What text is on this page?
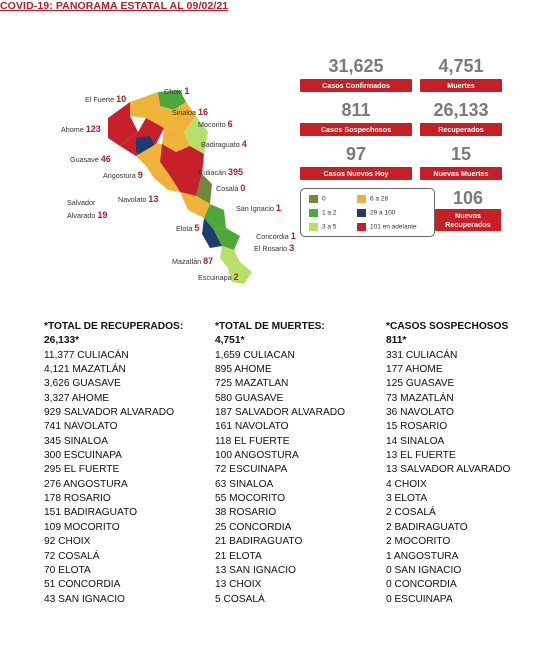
COVID-19: PANORAMA ESTATAL AL 09/02/21
Choix 1
El Fuerte 10
Sinaloa 16
Ahome 123	Mocorito 6
Badiraguato 4
Guasave 46
Angostura 9	Culiacán 395
Cosalá 0
Salvador
Alvarado 19
Navolato 13
San Ignacio 1
Elota 5
Concordia 1
El Rosario 3
Mazatlán 87
Escuinapa 2
31,625
Casos Confirmados
4,751
Muertes
811
Casos Sospechosos
26,133
Recuperados
97
Casos Nuevos Hoy
15
Nuevas Muertes
0
1 a 2
3 a 5
6 a 28
29 a 100
101 en adelante
106
Nuevos
Recuperados
*TOTAL DE RECUPERADOS:
26,133*
11,377 CULIACÁN
4,121 MAZATLÁN
3,626 GUASAVE
3,327 AHOME
929 SALVADOR ALVARADO
741 NAVOLATO
345 SINALOA
300 ESCUINAPA
295 EL FUERTE
276 ANGOSTURA
178 ROSARIO
151 BADIRAGUATO
109 MOCORITO
92 CHOIX
72 COSALÁ
70 ELOTA
51 CONCORDIA
43 SAN IGNACIO
*TOTAL DE MUERTES:
4,751*
1,659 CULIACAN
895 AHOME
725 MAZATLAN
580 GUASAVE
187 SALVADOR ALVARADO
161 NAVOLATO
118 EL FUERTE
100 ANGOSTURA
72 ESCUINAPA
63 SINALOA
55 MOCORITO
38 ROSARIO
25 CONCORDIA
21 BADIRAGUATO
21 ELOTA
13 SAN IGNACIO
13 CHOIX
5 COSALÁ
*CASOS SOSPECHOSOS
811*
331 CULIACÁN
177 AHOME
125 GUASAVE
73 MAZATLÁN
36 NAVOLATO
15 ROSARIO
14 SINALOA
13 EL FUERTE
13 SALVADOR ALVARADO
4 CHOIX
3 ELOTA
2 COSALÁ
2 BADIRAGUATO
2 MOCORITO
1 ANGOSTURA
0 SAN IGNACIO
0 CONCORDIA
0 ESCUINAPA
